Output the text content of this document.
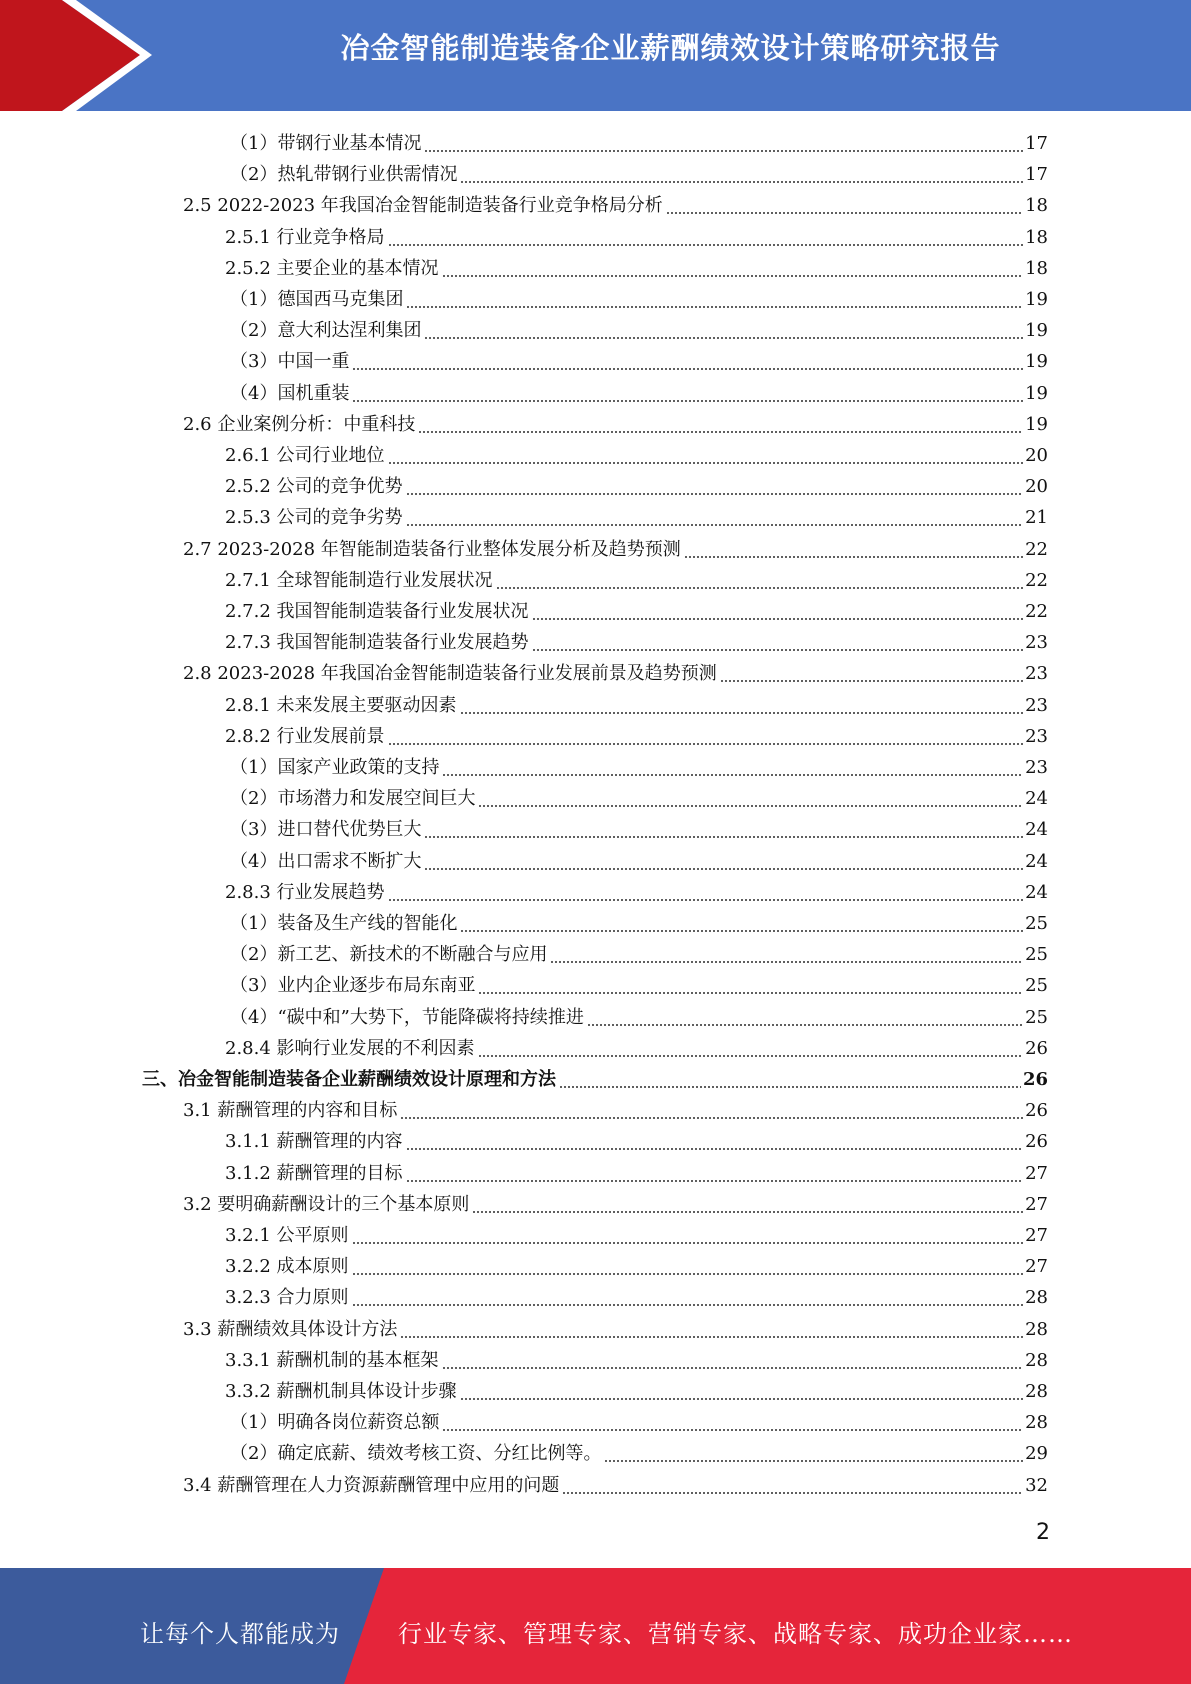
冶金智能制造装备企业薪酬绩效设计策略研究报告
（1）带钢行业基本情况	17
（2）热轧带钢行业供需情况	17
2.5 2022-2023 年我国冶金智能制造装备行业竞争格局分析	18
2.5.1 行业竞争格局	18
2.5.2 主要企业的基本情况	18
（1）德国西马克集团	19
（2）意大利达涅利集团	19
（3）中国一重	19
（4）国机重装	19
2.6 企业案例分析：中重科技	19
2.6.1 公司行业地位	20
2.5.2 公司的竞争优势	20
2.5.3 公司的竞争劣势	21
2.7 2023-2028 年智能制造装备行业整体发展分析及趋势预测	22
2.7.1 全球智能制造行业发展状况	22
2.7.2 我国智能制造装备行业发展状况	22
2.7.3 我国智能制造装备行业发展趋势	23
2.8 2023-2028 年我国冶金智能制造装备行业发展前景及趋势预测	23
2.8.1 未来发展主要驱动因素	23
2.8.2 行业发展前景	23
（1）国家产业政策的支持	23
（2）市场潜力和发展空间巨大	24
（3）进口替代优势巨大	24
（4）出口需求不断扩大	24
2.8.3 行业发展趋势	24
（1）装备及生产线的智能化	25
（2）新工艺、新技术的不断融合与应用	25
（3）业内企业逐步布局东南亚	25
（4）“碳中和”大势下，节能降碳将持续推进	25
2.8.4 影响行业发展的不利因素	26
三、冶金智能制造装备企业薪酬绩效设计原理和方法	26
3.1 薪酬管理的内容和目标	26
3.1.1 薪酬管理的内容	26
3.1.2 薪酬管理的目标	27
3.2 要明确薪酬设计的三个基本原则	27
3.2.1 公平原则	27
3.2.2 成本原则	27
3.2.3 合力原则	28
3.3 薪酬绩效具体设计方法	28
3.3.1 薪酬机制的基本框架	28
3.3.2 薪酬机制具体设计步骤	28
（1）明确各岗位薪资总额	28
（2）确定底薪、绩效考核工资、分红比例等。	29
3.4 薪酬管理在人力资源薪酬管理中应用的问题	32
2
让每个人都能成为 行业专家、管理专家、营销专家、战略专家、成功企业家……
